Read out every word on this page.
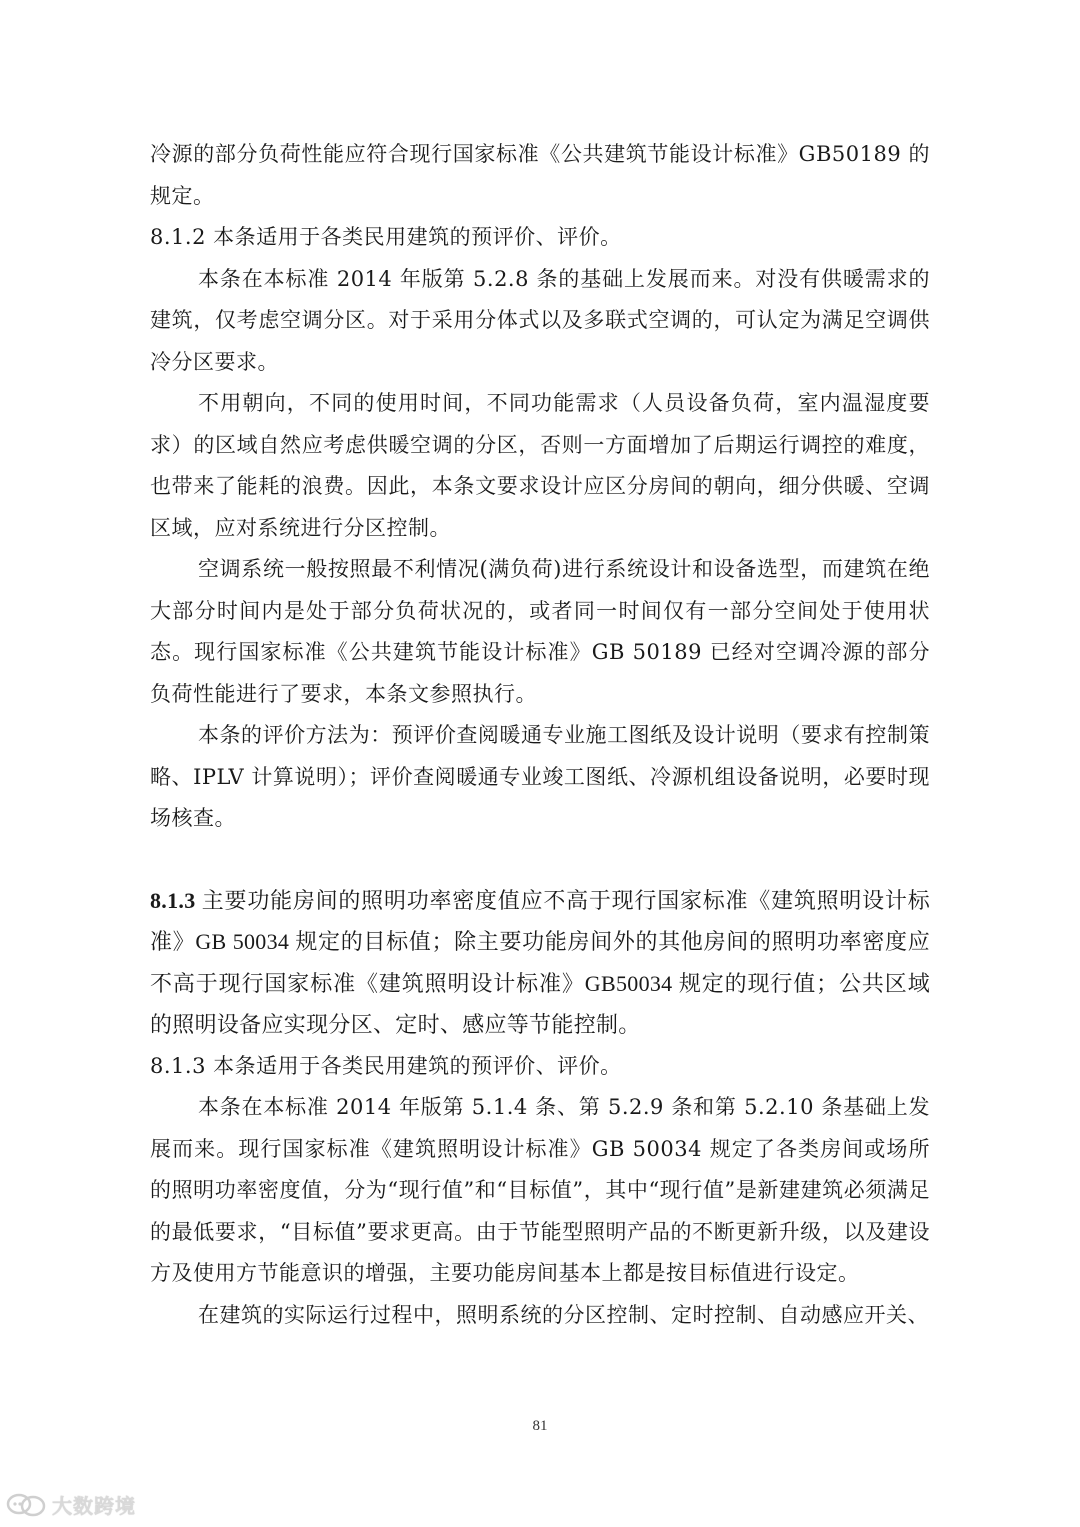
冷源的部分负荷性能应符合现行国家标准《公共建筑节能设计标准》GB50189 的规定。

8.1.2 本条适用于各类民用建筑的预评价、评价。

本条在本标准 2014 年版第 5.2.8 条的基础上发展而来。对没有供暖需求的建筑，仅考虑空调分区。对于采用分体式以及多联式空调的，可认定为满足空调供冷分区要求。

不用朝向，不同的使用时间，不同功能需求（人员设备负荷，室内温湿度要求）的区域自然应考虑供暖空调的分区，否则一方面增加了后期运行调控的难度，也带来了能耗的浪费。因此，本条文要求设计应区分房间的朝向，细分供暖、空调区域，应对系统进行分区控制。

空调系统一般按照最不利情况(满负荷)进行系统设计和设备选型，而建筑在绝大部分时间内是处于部分负荷状况的，或者同一时间仅有一部分空间处于使用状态。现行国家标准《公共建筑节能设计标准》GB 50189 已经对空调冷源的部分负荷性能进行了要求，本条文参照执行。

本条的评价方法为：预评价查阅暖通专业施工图纸及设计说明（要求有控制策略、IPLV 计算说明）；评价查阅暖通专业竣工图纸、冷源机组设备说明，必要时现场核查。

8.1.3 主要功能房间的照明功率密度值应不高于现行国家标准《建筑照明设计标准》GB 50034 规定的目标值；除主要功能房间外的其他房间的照明功率密度应不高于现行国家标准《建筑照明设计标准》GB50034 规定的现行值；公共区域的照明设备应实现分区、定时、感应等节能控制。

8.1.3 本条适用于各类民用建筑的预评价、评价。

本条在本标准 2014 年版第 5.1.4 条、第 5.2.9 条和第 5.2.10 条基础上发展而来。现行国家标准《建筑照明设计标准》GB 50034 规定了各类房间或场所的照明功率密度值，分为“现行值”和“目标值”，其中“现行值”是新建建筑必须满足的最低要求，“目标值”要求更高。由于节能型照明产品的不断更新升级，以及建设方及使用方节能意识的增强，主要功能房间基本上都是按目标值进行设定。

在建筑的实际运行过程中，照明系统的分区控制、定时控制、自动感应开关、

81
大数跨境
